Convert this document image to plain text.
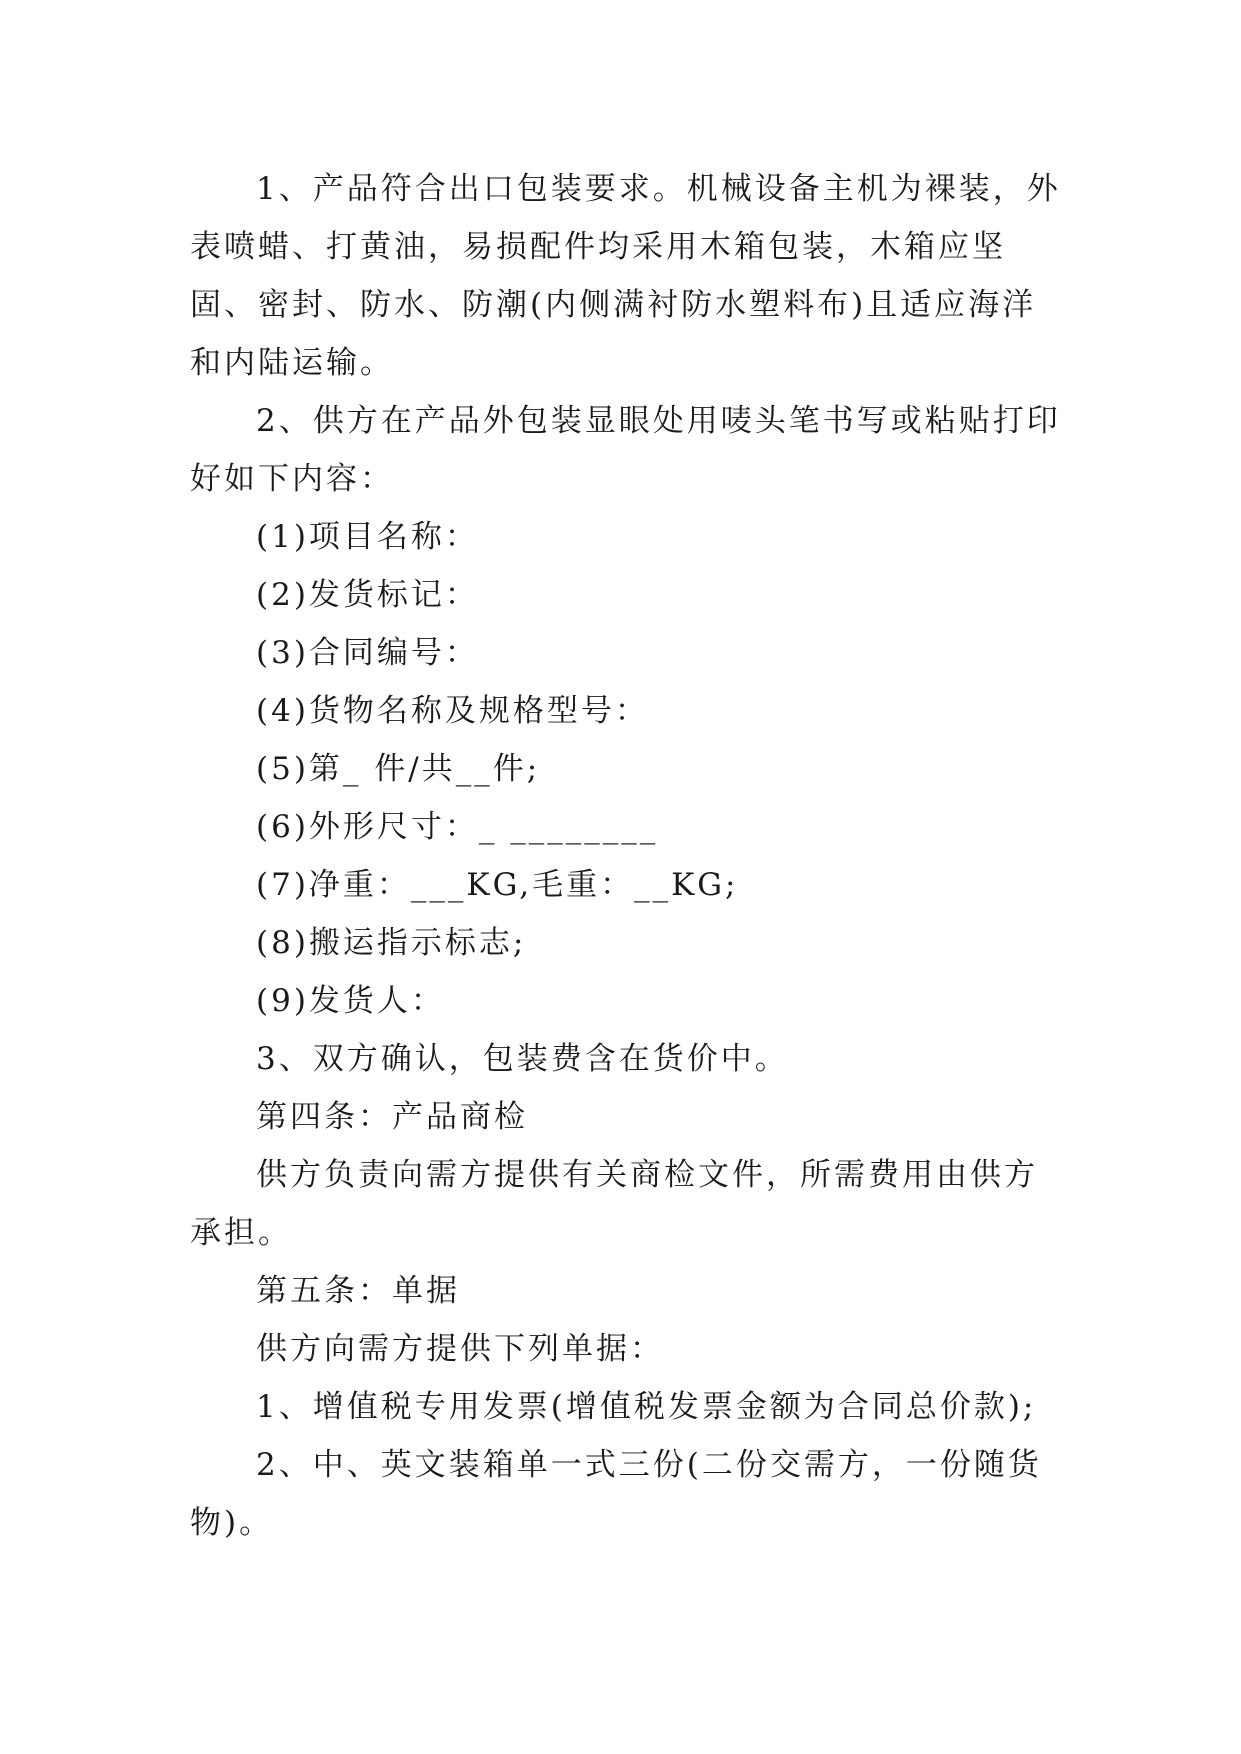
1、产品符合出口包装要求。机械设备主机为裸装，外表喷蜡、打黄油，易损配件均采用木箱包装，木箱应坚固、密封、防水、防潮(内侧满衬防水塑料布)且适应海洋和内陆运输。

2、供方在产品外包装显眼处用唛头笔书写或粘贴打印好如下内容：

(1)项目名称：

(2)发货标记：

(3)合同编号：

(4)货物名称及规格型号：

(5)第_ 件/共__件;

(6)外形尺寸：_ ________

(7)净重：___KG,毛重：__KG;

(8)搬运指示标志;

(9)发货人：

3、双方确认，包装费含在货价中。

第四条：产品商检

供方负责向需方提供有关商检文件，所需费用由供方承担。

第五条：单据

供方向需方提供下列单据：

1、增值税专用发票(增值税发票金额为合同总价款);

2、中、英文装箱单一式三份(二份交需方，一份随货物)。
